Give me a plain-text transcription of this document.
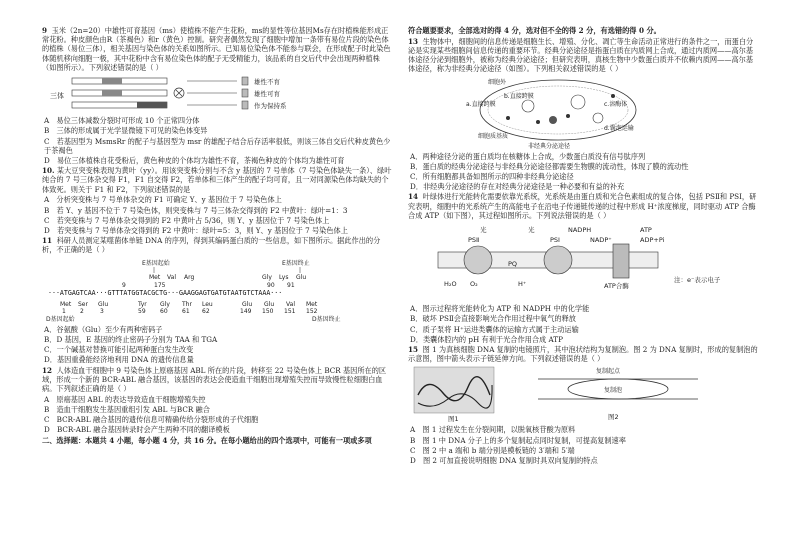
9 玉米（2n=20）中雄性可育基因（ms）使植株不能产生花粉，ms的显性等位基因Ms存在时植株能形成正常花粉。种皮颜色由R（茶褐色）和r（黄色）控制。研究者偶然发现了细胞中增加一条带有易位片段的染色体的植株（易位三体），相关基因与染色体的关系如图所示。已知易位染色体不能参与联会，在形成配子时此染色体随机移向细胞一极，其中花粉中含有易位染色体的配子无受精能力，该品系的自交后代中会出现两种植株（如图所示）。下列叙述错误的是（ ）
三体
雄性不育
雄性可育
作为保持系
A　易位三体减数分裂时可形成 10 个正常四分体
B　三体的形成属于光学显微镜下可见的染色体变异
C　若基因型为 MsmsRr 的配子与基因型为 msr 的雄配子结合后存活率很低，则该三体自交后代种皮黄色少于茶褐色
D　易位三体植株自花受粉后，黄色种皮的个体均为雄性不育，茶褐色种皮的个体均为雄性可育
10. 某大豆突变株表现为黄叶（yy）。用该突变株分别与不含 y 基因的 7 号单体（7 号染色体缺失一条）、绿叶纯合的 7 号三体杂交得 F1，F1 自交得 F2，若单体和三体产生的配子均可育，且一对同源染色体均缺失的个体致死。则关于 F1 和 F2，下列叙述错误的是
A　分析突变株与 7 号单体杂交的 F1 可确定 Y、y 基因位于 7 号染色体上
B　若 Y、y 基因不位于 7 号染色体，则突变株与 7 号三体杂交得到的 F2 中黄叶：绿叶=1：3
C　若突变株与 7 号单体杂交得到的 F2 中黄叶占 5/36，则 Y、y 基因位于 7 号染色体上
D　若突变株与 7 号单体杂交得到的 F2 中黄叶：绿叶=5：3，则 Y、y 基因位于 7 号染色体上
11 科研人员测定某噬菌体单链 DNA 的序列，得到其编码蛋白质的一些信息，如下图所示。据此作出的分析，不正确的是（ ）
E基因起始	E基因终止
Met Val Arg	Gly Lys Glu
9	175	90 91
···ATGAGTCAA···GTTTATGGTACGCTG···GAAGGAGTGATGTAATGTCTAAA···
Met Ser Glu	Tyr Gly Thr Leu	Glu Glu Val Met
1 2	3	59 60 61 62	149 150 151 152
D基因起始	D基因终止
A．谷氨酸（Glu）至少有两种密码子
B．D 基因，E 基因的终止密码子分别为 TAA 和 TGA
C．一个碱基对替换可能引起两种蛋白发生改变
D．基因重叠能经济地利用 DNA 的遗传信息量
12 人体造血干细胞中 9 号染色体上原癌基因 ABL 所在的片段，转移至 22 号染色体上 BCR 基因所在的区域，形成一个新的 BCR-ABL 融合基因，该基因的表达会使造血干细胞出现增殖失控而导致慢性粒细胞白血病。下列叙述正确的是（ ）
A　原癌基因 ABL 的表达导致造血干细胞增殖失控
B　造血干细胞发生基因重组引发 ABL 与BCR 融合
C　BCR-ABL 融合基因的遗传信息可精确传给分裂形成的子代细胞
D　BCR-ABL 融合基因转录时会产生两种不同的翻译模板
二、选择题：本题共 4 小题，每小题 4 分，共 16 分。在每小题给出的四个选项中，可能有一项或多项
符合题要要求，全部选对的得 4 分，选对但不全的得 2 分，有选错的得 0 分。
13 生物体中，细胞间的信息传递是细胞生长、增殖、分化、凋亡等生命活动正常进行的条件之一，而蛋白分泌是实现某些细胞间信息传递的重要环节。经典分泌途径是指蛋白质在内质网上合成，通过内质网——高尔基体途径分泌到细胞外，被称为经典分泌途径；但研究表明，真核生物中少数蛋白质并不依赖内质网——高尔基体途径，称为非经典分泌途径（如图）。下列相关叙述错误的是（ ）
细胞外
a.直接跨膜
b.直接跨膜
c.溶酶体
d.囊泡运输
细胞质基质
非经典分泌途径
A．两种途径分泌的蛋白质均在核糖体上合成，少数蛋白质没有信号肽序列
B．蛋白质的经典分泌途径与非经典分泌途径都需要生物膜的流动性，体现了膜的流动性
C．所有细胞都具备如图所示的四种非经典分泌途径
D．非经典分泌途径的存在对经典分泌途径是一种必要和有益的补充
14 叶绿体进行光能转化需要依靠光系统，光系统是由蛋白质和光合色素组成的复合体，包括 PSⅡ和 PSⅠ，研究表明，细胞中的光系统产生的高能电子在沿电子传递链传递的过程中形成 H⁺浓度梯度，同时驱动 ATP 合酶合成 ATP（如下图），其过程如图所示。下列说法错误的是（ ）
PSⅡ	PSⅠ
光	光	NADPH
NADP⁺
ATP
ADP+Pi
PQ
H₂O O₂	H⁺	ATP合酶
注：e⁻表示电子
A．图示过程将光能转化为 ATP 和 NADPH 中的化学能
B．破坏 PSⅡ会直接影响光合作用过程中氧气的释放
C．质子泵将 H⁺运进类囊体的运输方式属于主动运输
D．类囊体腔内的 pH 有利于光合作用合成 ATP
15 图 1 为真核细胞 DNA 复制的电镜照片，其中泡状结构为复制泡。图 2 为 DNA 复制时，形成的复制泡的示意图，图中箭头表示子链延伸方向。下列叙述错误的是（ ）
图1
复制起点
复制泡
图2
A　图 1 过程发生在分裂间期，以脱氧核苷酸为原料
B　图 1 中 DNA 分子上的多个复制起点同时复制，可提高复制速率
C　图 2 中 a 端和 b 端分别是模板链的 3′端和 5′端
D　图 2 可加直接说明细胞 DNA 复制时具双向复制的特点
